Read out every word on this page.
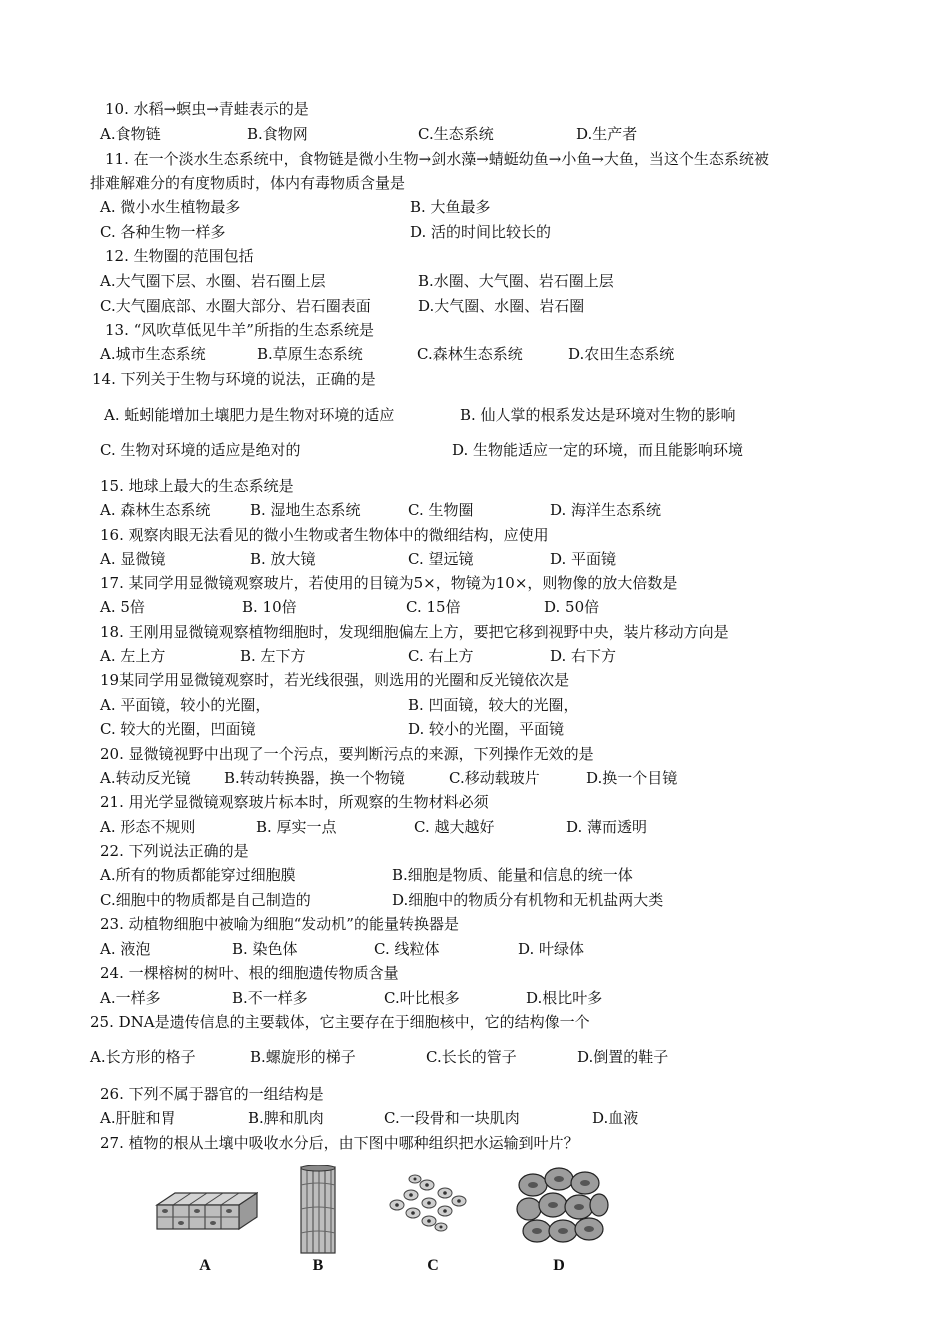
10. 水稻→螟虫→青蛙表示的是
A.食物链	B.食物网	C.生态系统	D.生产者
11. 在一个淡水生态系统中，食物链是微小生物→剑水藻→蜻蜓幼鱼→小鱼→大鱼，当这个生态系统被
排难解难分的有度物质时，体内有毒物质含量是
A. 微小水生植物最多	B. 大鱼最多
C. 各种生物一样多	D. 活的时间比较长的
12. 生物圈的范围包括
A.大气圈下层、水圈、岩石圈上层	B.水圈、大气圈、岩石圈上层
C.大气圈底部、水圈大部分、岩石圈表面	D.大气圈、水圈、岩石圈
13. “风吹草低见牛羊”所指的生态系统是
A.城市生态系统	B.草原生态系统	C.森林生态系统	D.农田生态系统
14. 下列关于生物与环境的说法，正确的是
A. 蚯蚓能增加土壤肥力是生物对环境的适应	B. 仙人掌的根系发达是环境对生物的影响
C. 生物对环境的适应是绝对的	D. 生物能适应一定的环境，而且能影响环境
15. 地球上最大的生态系统是
A. 森林生态系统	B. 湿地生态系统	C. 生物圈	D. 海洋生态系统
16. 观察肉眼无法看见的微小生物或者生物体中的微细结构，应使用
A. 显微镜	B. 放大镜	C. 望远镜	D. 平面镜
17. 某同学用显微镜观察玻片，若使用的目镜为5×，物镜为10×，则物像的放大倍数是
A. 5倍	B. 10倍	C. 15倍	D. 50倍
18. 王刚用显微镜观察植物细胞时，发现细胞偏左上方，要把它移到视野中央，装片移动方向是
A. 左上方	B. 左下方	C. 右上方	D. 右下方
19某同学用显微镜观察时，若光线很强，则选用的光圈和反光镜依次是
A. 平面镜，较小的光圈，	B. 凹面镜，较大的光圈，
C. 较大的光圈，凹面镜	D. 较小的光圈，平面镜
20. 显微镜视野中出现了一个污点，要判断污点的来源，下列操作无效的是
A.转动反光镜 B.转动转换器，换一个物镜	C.移动载玻片	D.换一个目镜
21. 用光学显微镜观察玻片标本时，所观察的生物材料必须
A. 形态不规则	B. 厚实一点	C. 越大越好	D. 薄而透明
22. 下列说法正确的是
A.所有的物质都能穿过细胞膜	B.细胞是物质、能量和信息的统一体
C.细胞中的物质都是自己制造的	D.细胞中的物质分有机物和无机盐两大类
23. 动植物细胞中被喻为细胞“发动机”的能量转换器是
A. 液泡	B. 染色体	C. 线粒体	D. 叶绿体
24. 一棵榕树的树叶、根的细胞遗传物质含量
A.一样多	B.不一样多	C.叶比根多	D.根比叶多
25. DNA是遗传信息的主要载体，它主要存在于细胞核中，它的结构像一个
A.长方形的格子	B.螺旋形的梯子	C.长长的管子	D.倒置的鞋子
26. 下列不属于器官的一组结构是
A.肝脏和胃	B.脾和肌肉	C.一段骨和一块肌肉	D.血液
27. 植物的根从土壤中吸收水分后，由下图中哪种组织把水运输到叶片？
A	B	C	D
